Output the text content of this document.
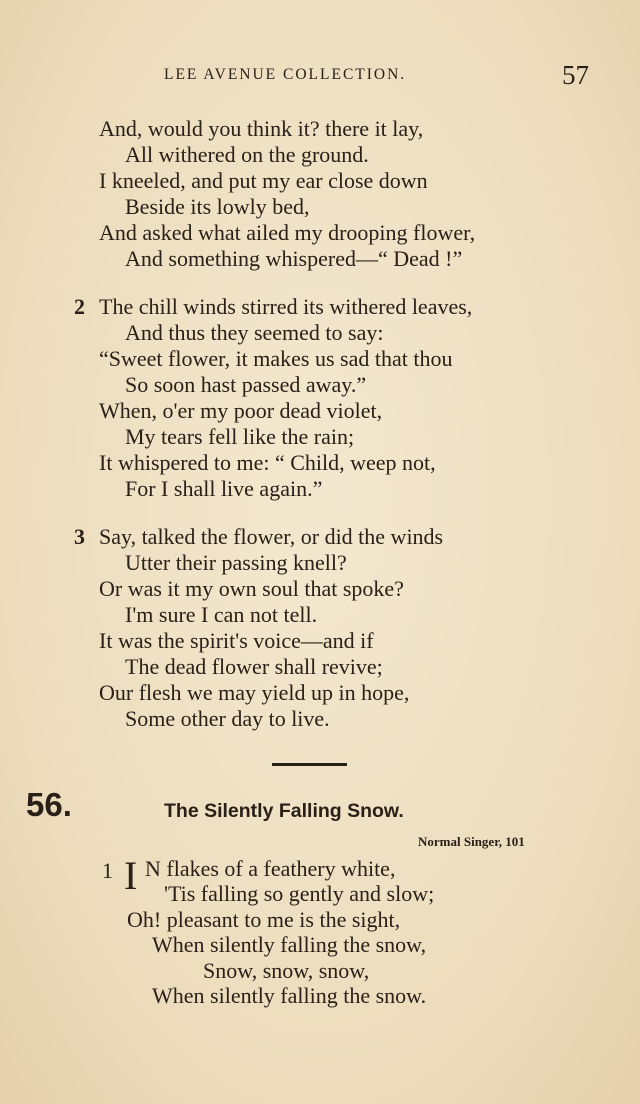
LEE AVENUE COLLECTION.	57
And, would you think it? there it lay,
All withered on the ground.
I kneeled, and put my ear close down
Beside its lowly bed,
And asked what ailed my drooping flower,
And something whispered—“ Dead !”
2 The chill winds stirred its withered leaves,
And thus they seemed to say:
“Sweet flower, it makes us sad that thou
So soon hast passed away.”
When, o'er my poor dead violet,
My tears fell like the rain;
It whispered to me: “ Child, weep not,
For I shall live again.”
3 Say, talked the flower, or did the winds
Utter their passing knell?
Or was it my own soul that spoke?
I'm sure I can not tell.
It was the spirit's voice—and if
The dead flower shall revive;
Our flesh we may yield up in hope,
Some other day to live.
56.	The Silently Falling Snow.
Normal Singer, 101
1 I N flakes of a feathery white,
'Tis falling so gently and slow;
Oh! pleasant to me is the sight,
When silently falling the snow,
Snow, snow, snow,
When silently falling the snow.
